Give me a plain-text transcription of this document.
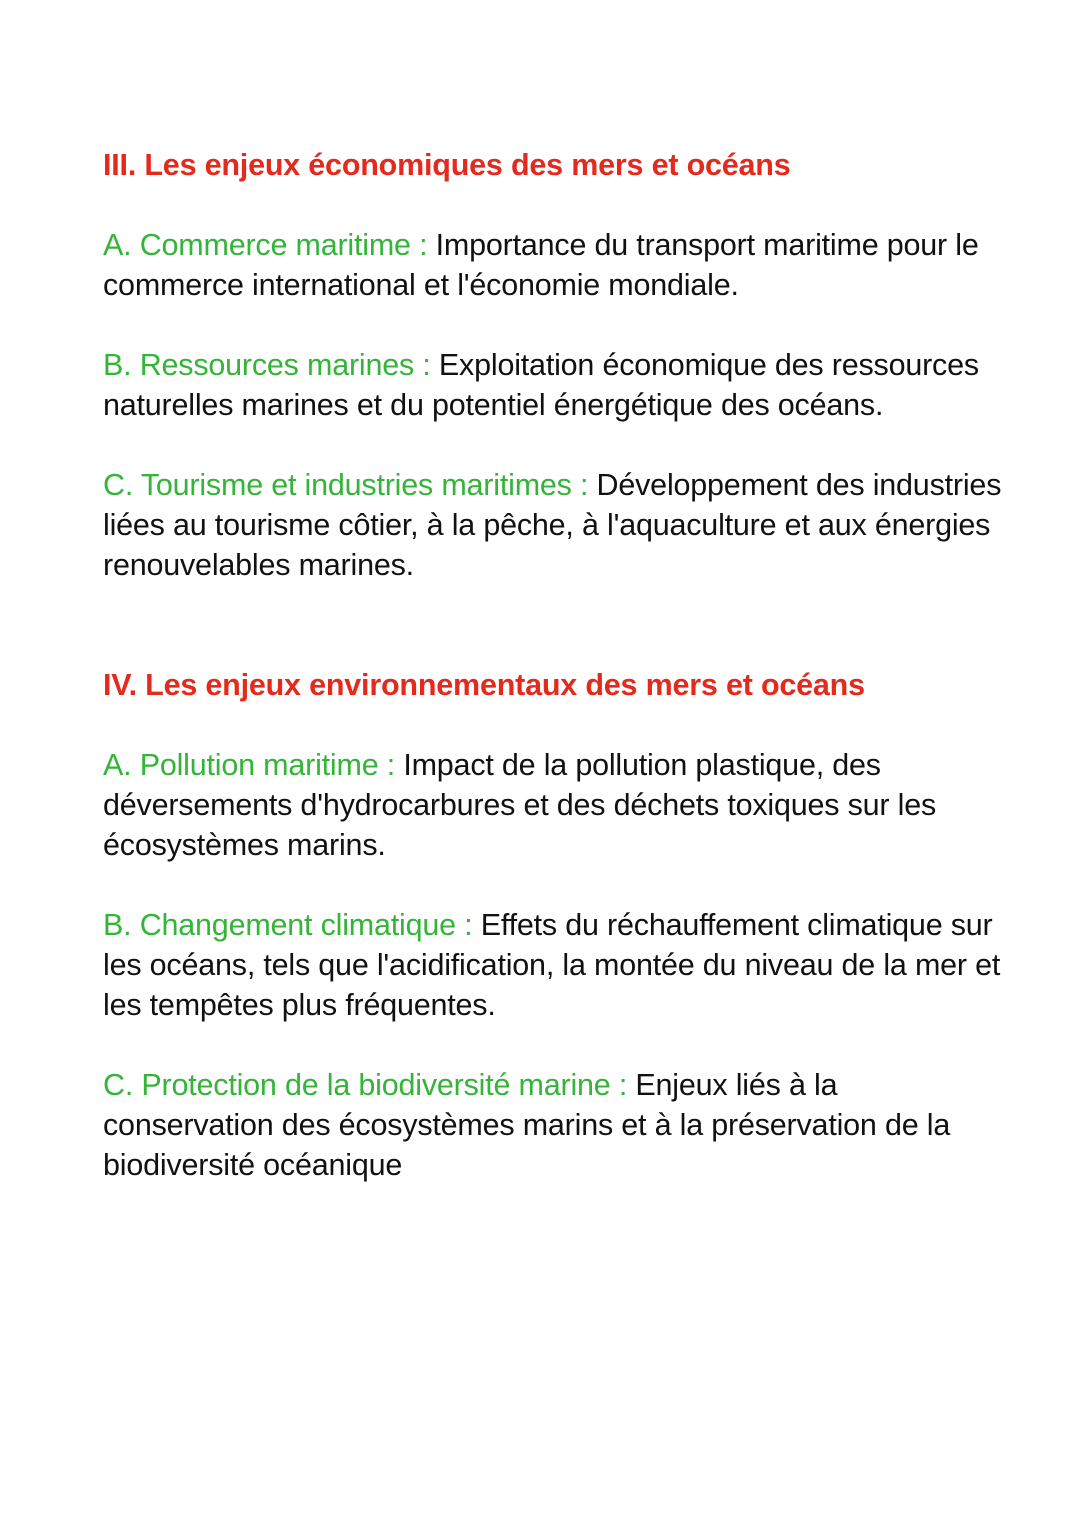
III. Les enjeux économiques des mers et océans

A. Commerce maritime : Importance du transport maritime pour le commerce international et l'économie mondiale.

B. Ressources marines : Exploitation économique des ressources naturelles marines et du potentiel énergétique des océans.

C. Tourisme et industries maritimes : Développement des industries liées au tourisme côtier, à la pêche, à l'aquaculture et aux énergies renouvelables marines.

IV. Les enjeux environnementaux des mers et océans

A. Pollution maritime : Impact de la pollution plastique, des déversements d'hydrocarbures et des déchets toxiques sur les écosystèmes marins.

B. Changement climatique : Effets du réchauffement climatique sur les océans, tels que l'acidification, la montée du niveau de la mer et les tempêtes plus fréquentes.

C. Protection de la biodiversité marine : Enjeux liés à la conservation des écosystèmes marins et à la préservation de la biodiversité océanique
